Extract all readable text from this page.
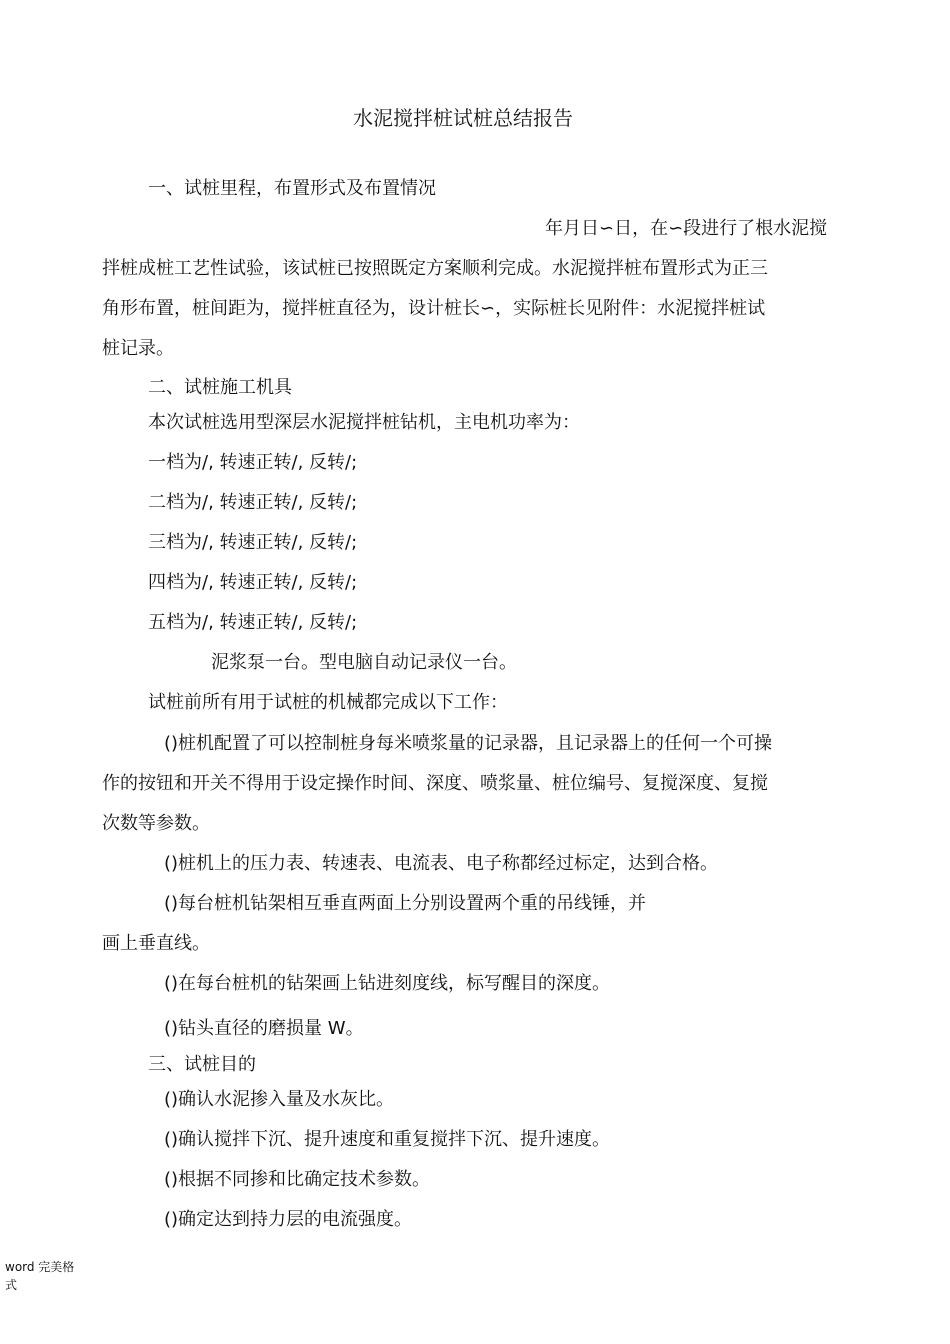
水泥搅拌桩试桩总结报告
一、试桩里程，布置形式及布置情况
年月日∽日，在∽段进行了根水泥搅
拌桩成桩工艺性试验，该试桩已按照既定方案顺利完成。水泥搅拌桩布置形式为正三
角形布置，桩间距为，搅拌桩直径为，设计桩长∽，实际桩长见附件：水泥搅拌桩试
桩记录。
二、试桩施工机具
本次试桩选用型深层水泥搅拌桩钻机，主电机功率为：
一档为/, 转速正转/, 反转/;
二档为/, 转速正转/, 反转/;
三档为/, 转速正转/, 反转/;
四档为/, 转速正转/, 反转/;
五档为/, 转速正转/, 反转/;
泥浆泵一台。型电脑自动记录仪一台。
试桩前所有用于试桩的机械都完成以下工作：
()桩机配置了可以控制桩身每米喷浆量的记录器，且记录器上的任何一个可操
作的按钮和开关不得用于设定操作时间、深度、喷浆量、桩位编号、复搅深度、复搅
次数等参数。
()桩机上的压力表、转速表、电流表、电子称都经过标定，达到合格。
()每台桩机钻架相互垂直两面上分别设置两个重的吊线锤，并
画上垂直线。
()在每台桩机的钻架画上钻进刻度线，标写醒目的深度。
()钻头直径的磨损量 W。
三、试桩目的
()确认水泥掺入量及水灰比。
()确认搅拌下沉、提升速度和重复搅拌下沉、提升速度。
()根据不同掺和比确定技术参数。
()确定达到持力层的电流强度。
word 完美格
式
